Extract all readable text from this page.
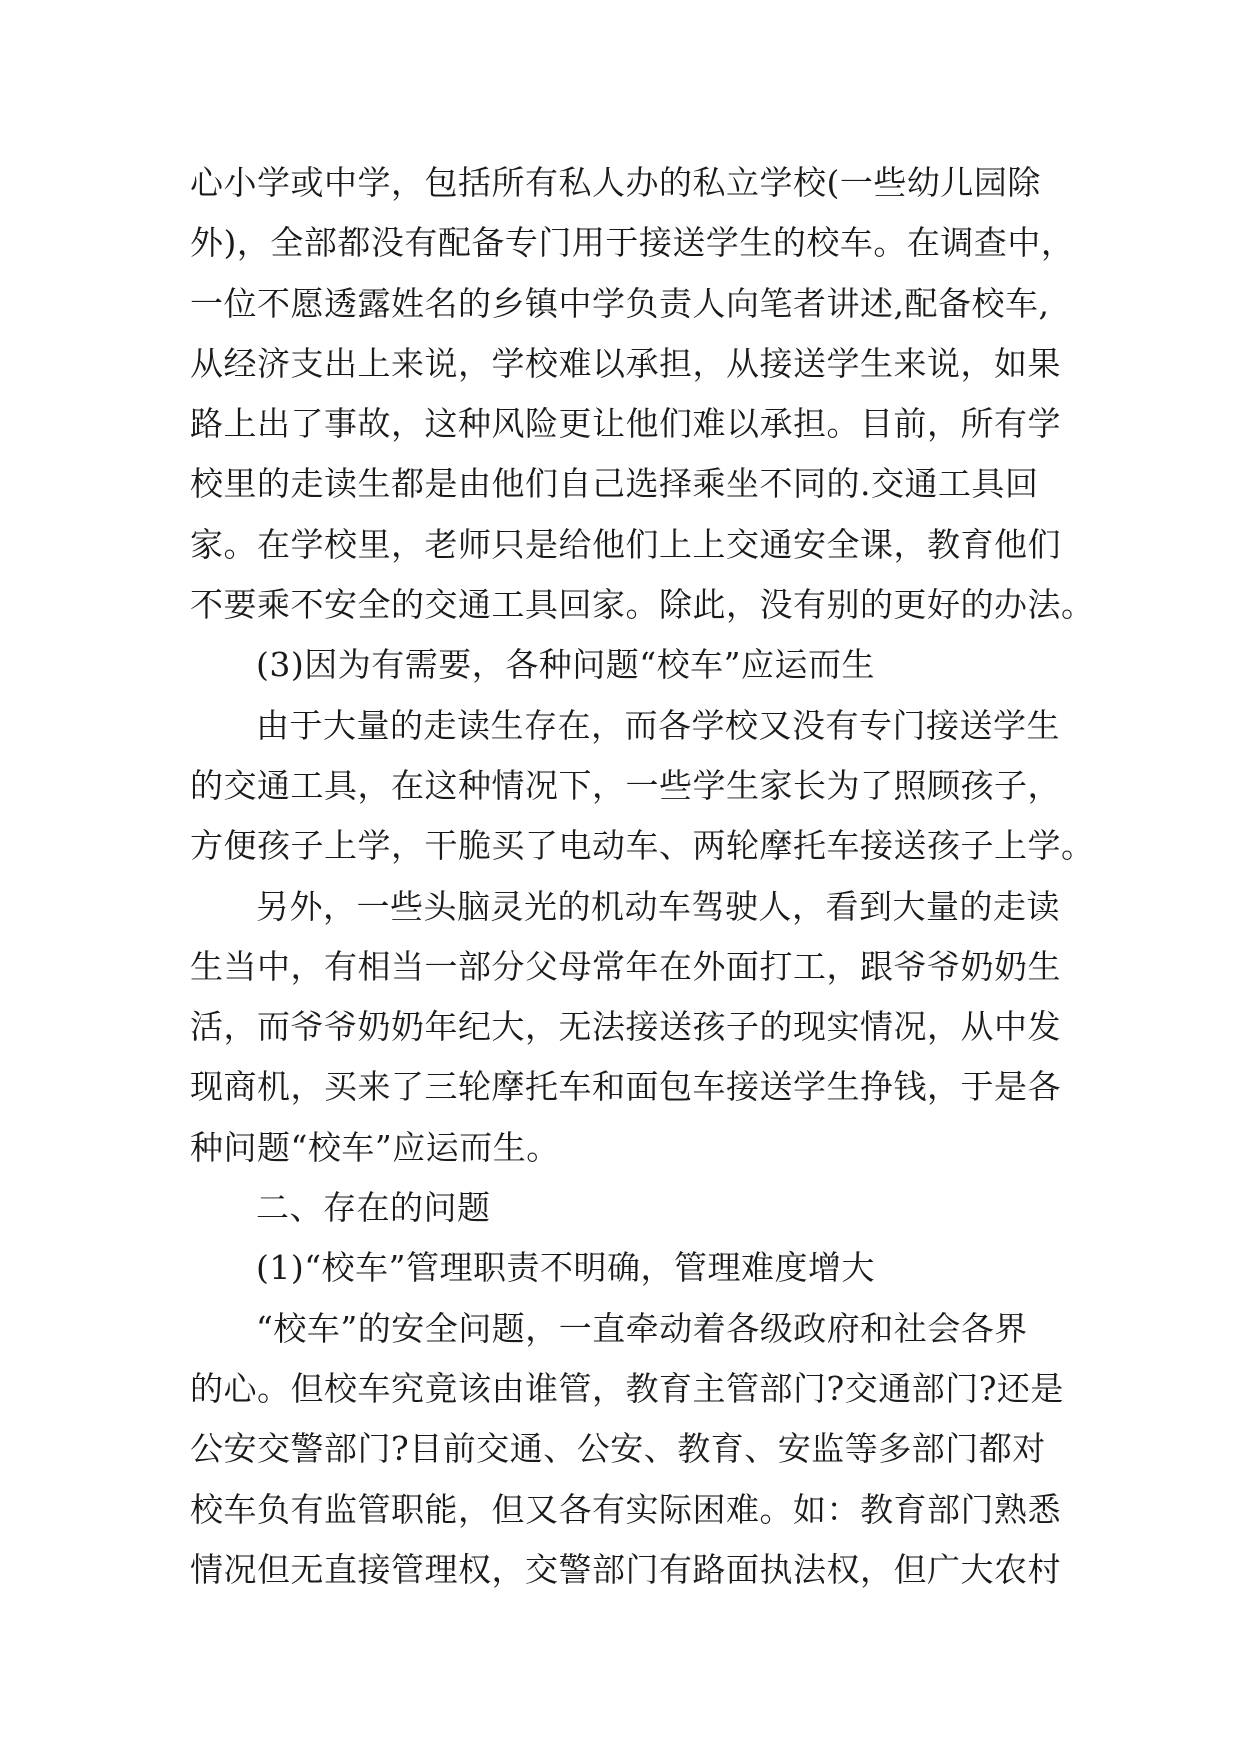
心小学或中学，包括所有私人办的私立学校(一些幼儿园除
外)，全部都没有配备专门用于接送学生的校车。在调查中，
一位不愿透露姓名的乡镇中学负责人向笔者讲述,配备校车,
从经济支出上来说，学校难以承担，从接送学生来说，如果
路上出了事故，这种风险更让他们难以承担。目前，所有学
校里的走读生都是由他们自己选择乘坐不同的.交通工具回
家。在学校里，老师只是给他们上上交通安全课，教育他们
不要乘不安全的交通工具回家。除此，没有别的更好的办法。
(3)因为有需要，各种问题“校车”应运而生
由于大量的走读生存在，而各学校又没有专门接送学生
的交通工具，在这种情况下，一些学生家长为了照顾孩子，
方便孩子上学，干脆买了电动车、两轮摩托车接送孩子上学。
另外，一些头脑灵光的机动车驾驶人，看到大量的走读
生当中，有相当一部分父母常年在外面打工，跟爷爷奶奶生
活，而爷爷奶奶年纪大，无法接送孩子的现实情况，从中发
现商机，买来了三轮摩托车和面包车接送学生挣钱，于是各
种问题“校车”应运而生。
二、存在的问题
(1)“校车”管理职责不明确，管理难度增大
“校车”的安全问题，一直牵动着各级政府和社会各界
的心。但校车究竟该由谁管，教育主管部门?交通部门?还是
公安交警部门?目前交通、公安、教育、安监等多部门都对
校车负有监管职能，但又各有实际困难。如：教育部门熟悉
情况但无直接管理权，交警部门有路面执法权，但广大农村
